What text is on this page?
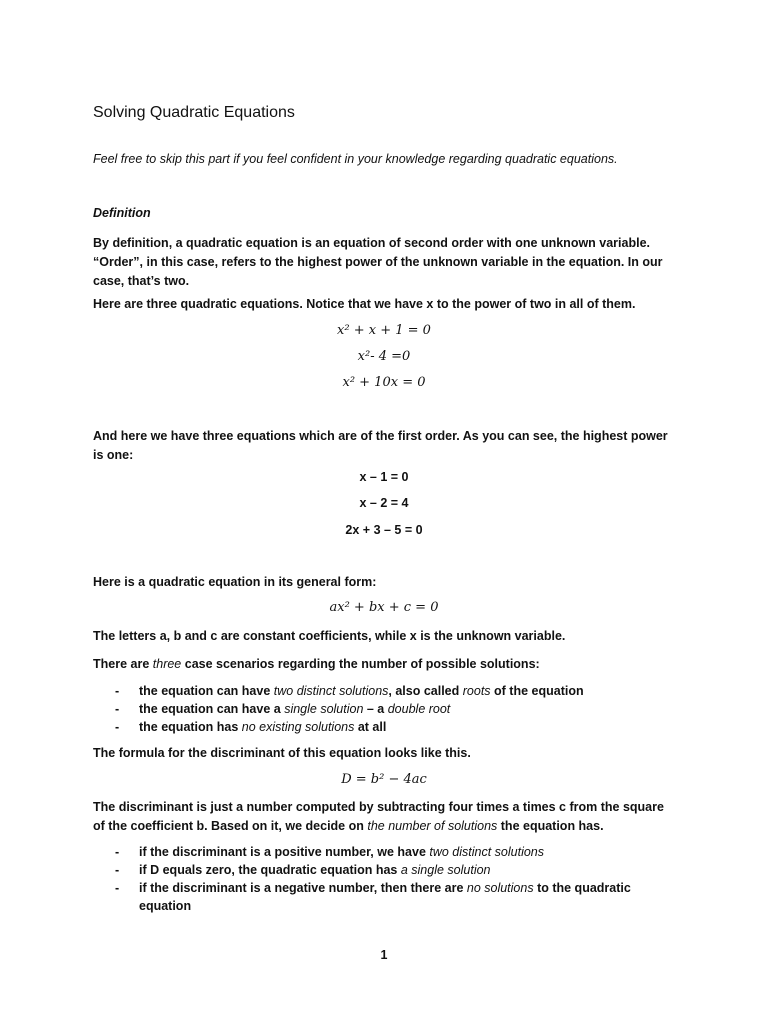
Solving Quadratic Equations
Feel free to skip this part if you feel confident in your knowledge regarding quadratic equations.
Definition
By definition, a quadratic equation is an equation of second order with one unknown variable. “Order”, in this case, refers to the highest power of the unknown variable in the equation. In our case, that’s two.
Here are three quadratic equations. Notice that we have x to the power of two in all of them.
x² + x + 1 = 0
x²- 4 =0
x² + 10x = 0
And here we have three equations which are of the first order. As you can see, the highest power is one:
x – 1 = 0
x – 2 = 4
2x + 3 – 5 = 0
Here is a quadratic equation in its general form:
ax² + bx + c = 0
The letters a, b and c are constant coefficients, while x is the unknown variable.
There are three case scenarios regarding the number of possible solutions:
- the equation can have two distinct solutions, also called roots of the equation
- the equation can have a single solution – a double root
- the equation has no existing solutions at all
The formula for the discriminant of this equation looks like this.
D = b² − 4ac
The discriminant is just a number computed by subtracting four times a times c from the square of the coefficient b. Based on it, we decide on the number of solutions the equation has.
- if the discriminant is a positive number, we have two distinct solutions
- if D equals zero, the quadratic equation has a single solution
- if the discriminant is a negative number, then there are no solutions to the quadratic equation
1
